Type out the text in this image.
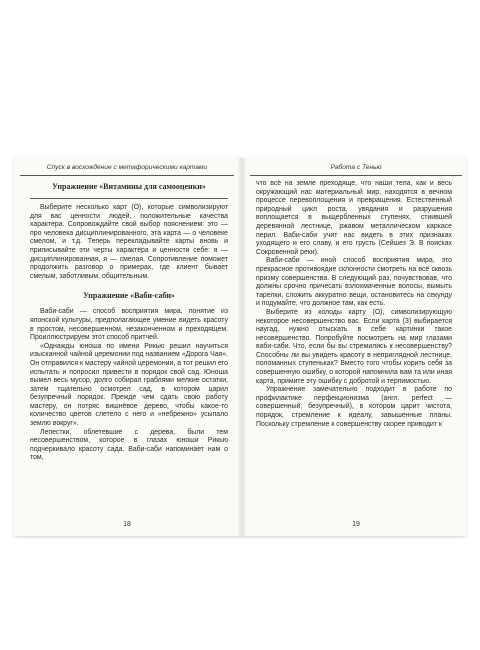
Спуск в восхождение с метафорическими картами
Упражнение «Витамины для самооценки»

Выберите несколько карт (О), которые символизируют для вас ценности людей, положительные качества характера. Сопровождайте свой выбор пояснением: это — про человека дисциплинированного, эта карта — о человеке смелом, и т.д. Теперь перекладывайте карты вновь и приписывайте эти черты характера и ценности себе: я — дисциплинированная, я — смелая. Сопротивление поможет продолжить разговор о примерах, где клиент бывает смелым, заботливым, общительным.

Упражнение «Ваби-саби»

Ваби-саби — способ восприятия мира, понятие из японской культуры, предполагающее умение видеть красоту в простом, несовершенном, незаконченном и преходящем. Проиллюстрируем этот способ притчей.

«Однажды юноша по имени Рикью решил научиться изысканной чайной церемонии под названием «Дорога Чая». Он отправился к мастеру чайной церемонии, а тот решил его испытать и попросил привести в порядок свой сад. Юноша вымел весь мусор, долго собирал граблями мелкие остатки, затем тщательно осмотрел сад, в котором царил безупречный порядок. Прежде чем сдать свою работу мастеру, он потряс вишнёвое дерево, чтобы какое-то количество цветов слетело с него и «небрежно» усыпало землю вокруг».

Лепестки, облетевшие с дерева, были тем несовершенством, которое в глазах юноши Рикью подчеркивало красоту сада. Ваби-саби напоминает нам о том,

18
Работа с Тенью

что всё на земле преходяще, что наши тела, как и весь окружающий нас материальный мир, находятся в вечном процессе перевоплощения и превращения. Естественный природный цикл роста, увядания и разрушения воплощается в выщербленных ступенях, стиившей деревянной лестнице, ржавом металлическом каркасе перил. Ваби-саби учит нас видеть в этих признаках уходящего и его славу, и его грусть (Сейшез Э. В поисках Сокровенной реки).

Ваби-саби — иной способ восприятия мира, это прекрасное противоядие склонности смотреть на всё сквозь призму совершенства. В следующий раз, почувствовав, что должны срочно причесать взлохмаченные волосы, вымыть тарелки, сложить аккуратно вещи, остановитесь на секунду и подумайте, что должное там, как есть.

Выберите из колоды карту (О), символизирующую некоторое несовершенство вас. Если карта (З) выбирается наугад, нужно отыскать в себе картинки такое несовершенство. Попробуйте посмотреть на мир глазами ваби-саби. Что, если бы вы стремились к несовершенству? Способны ли вы увидеть красоту в неприглядной лестнице, поломанных ступеньках? Вместо того чтобы корить себя за совершенную ошибку, о которой напомнила вам та или иная карта, примите эту ошибку с добротой и терпимостью.

Упражнение замечательно подходит в работе по профилактике перфекционизма (англ. perfect — совершенный, безупречный), в котором царит чистота, порядок, стремление к идеалу, завышенные планы. Поскольку стремление к совершенству скорее приводит к

19
